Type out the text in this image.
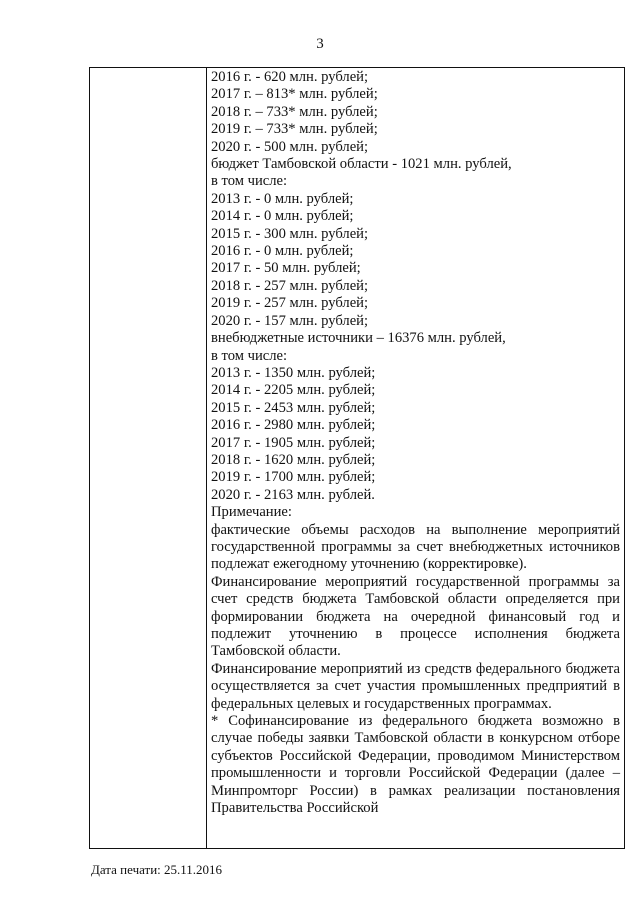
3
2016 г. - 620 млн. рублей;
2017 г. – 813* млн. рублей;
2018 г. – 733* млн. рублей;
2019 г. – 733* млн. рублей;
2020 г. - 500 млн. рублей;
бюджет Тамбовской области - 1021 млн. рублей,
в том числе:
2013 г. - 0 млн. рублей;
2014 г. - 0 млн. рублей;
2015 г. - 300 млн. рублей;
2016 г. - 0 млн. рублей;
2017 г. - 50 млн. рублей;
2018 г. - 257 млн. рублей;
2019 г. - 257 млн. рублей;
2020 г. - 157 млн. рублей;
внебюджетные источники – 16376 млн. рублей,
в том числе:
2013 г. - 1350 млн. рублей;
2014 г. - 2205 млн. рублей;
2015 г. - 2453 млн. рублей;
2016 г. - 2980 млн. рублей;
2017 г. - 1905 млн. рублей;
2018 г. - 1620 млн. рублей;
2019 г. - 1700 млн. рублей;
2020 г. - 2163 млн. рублей.
Примечание:
фактические объемы расходов на выполнение мероприятий государственной программы за счет внебюджетных источников подлежат ежегодному уточнению (корректировке).
Финансирование мероприятий государственной программы за счет средств бюджета Тамбовской области определяется при формировании бюджета на очередной финансовый год и подлежит уточнению в процессе исполнения бюджета Тамбовской области.
Финансирование мероприятий из средств федерального бюджета осуществляется за счет участия промышленных предприятий в федеральных целевых и государственных программах.
* Софинансирование из федерального бюджета возможно в случае победы заявки Тамбовской области в конкурсном отборе субъектов Российской Федерации, проводимом Министерством промышленности и торговли Российской Федерации (далее – Минпромторг России) в рамках реализации постановления Правительства Российской
Дата печати: 25.11.2016
